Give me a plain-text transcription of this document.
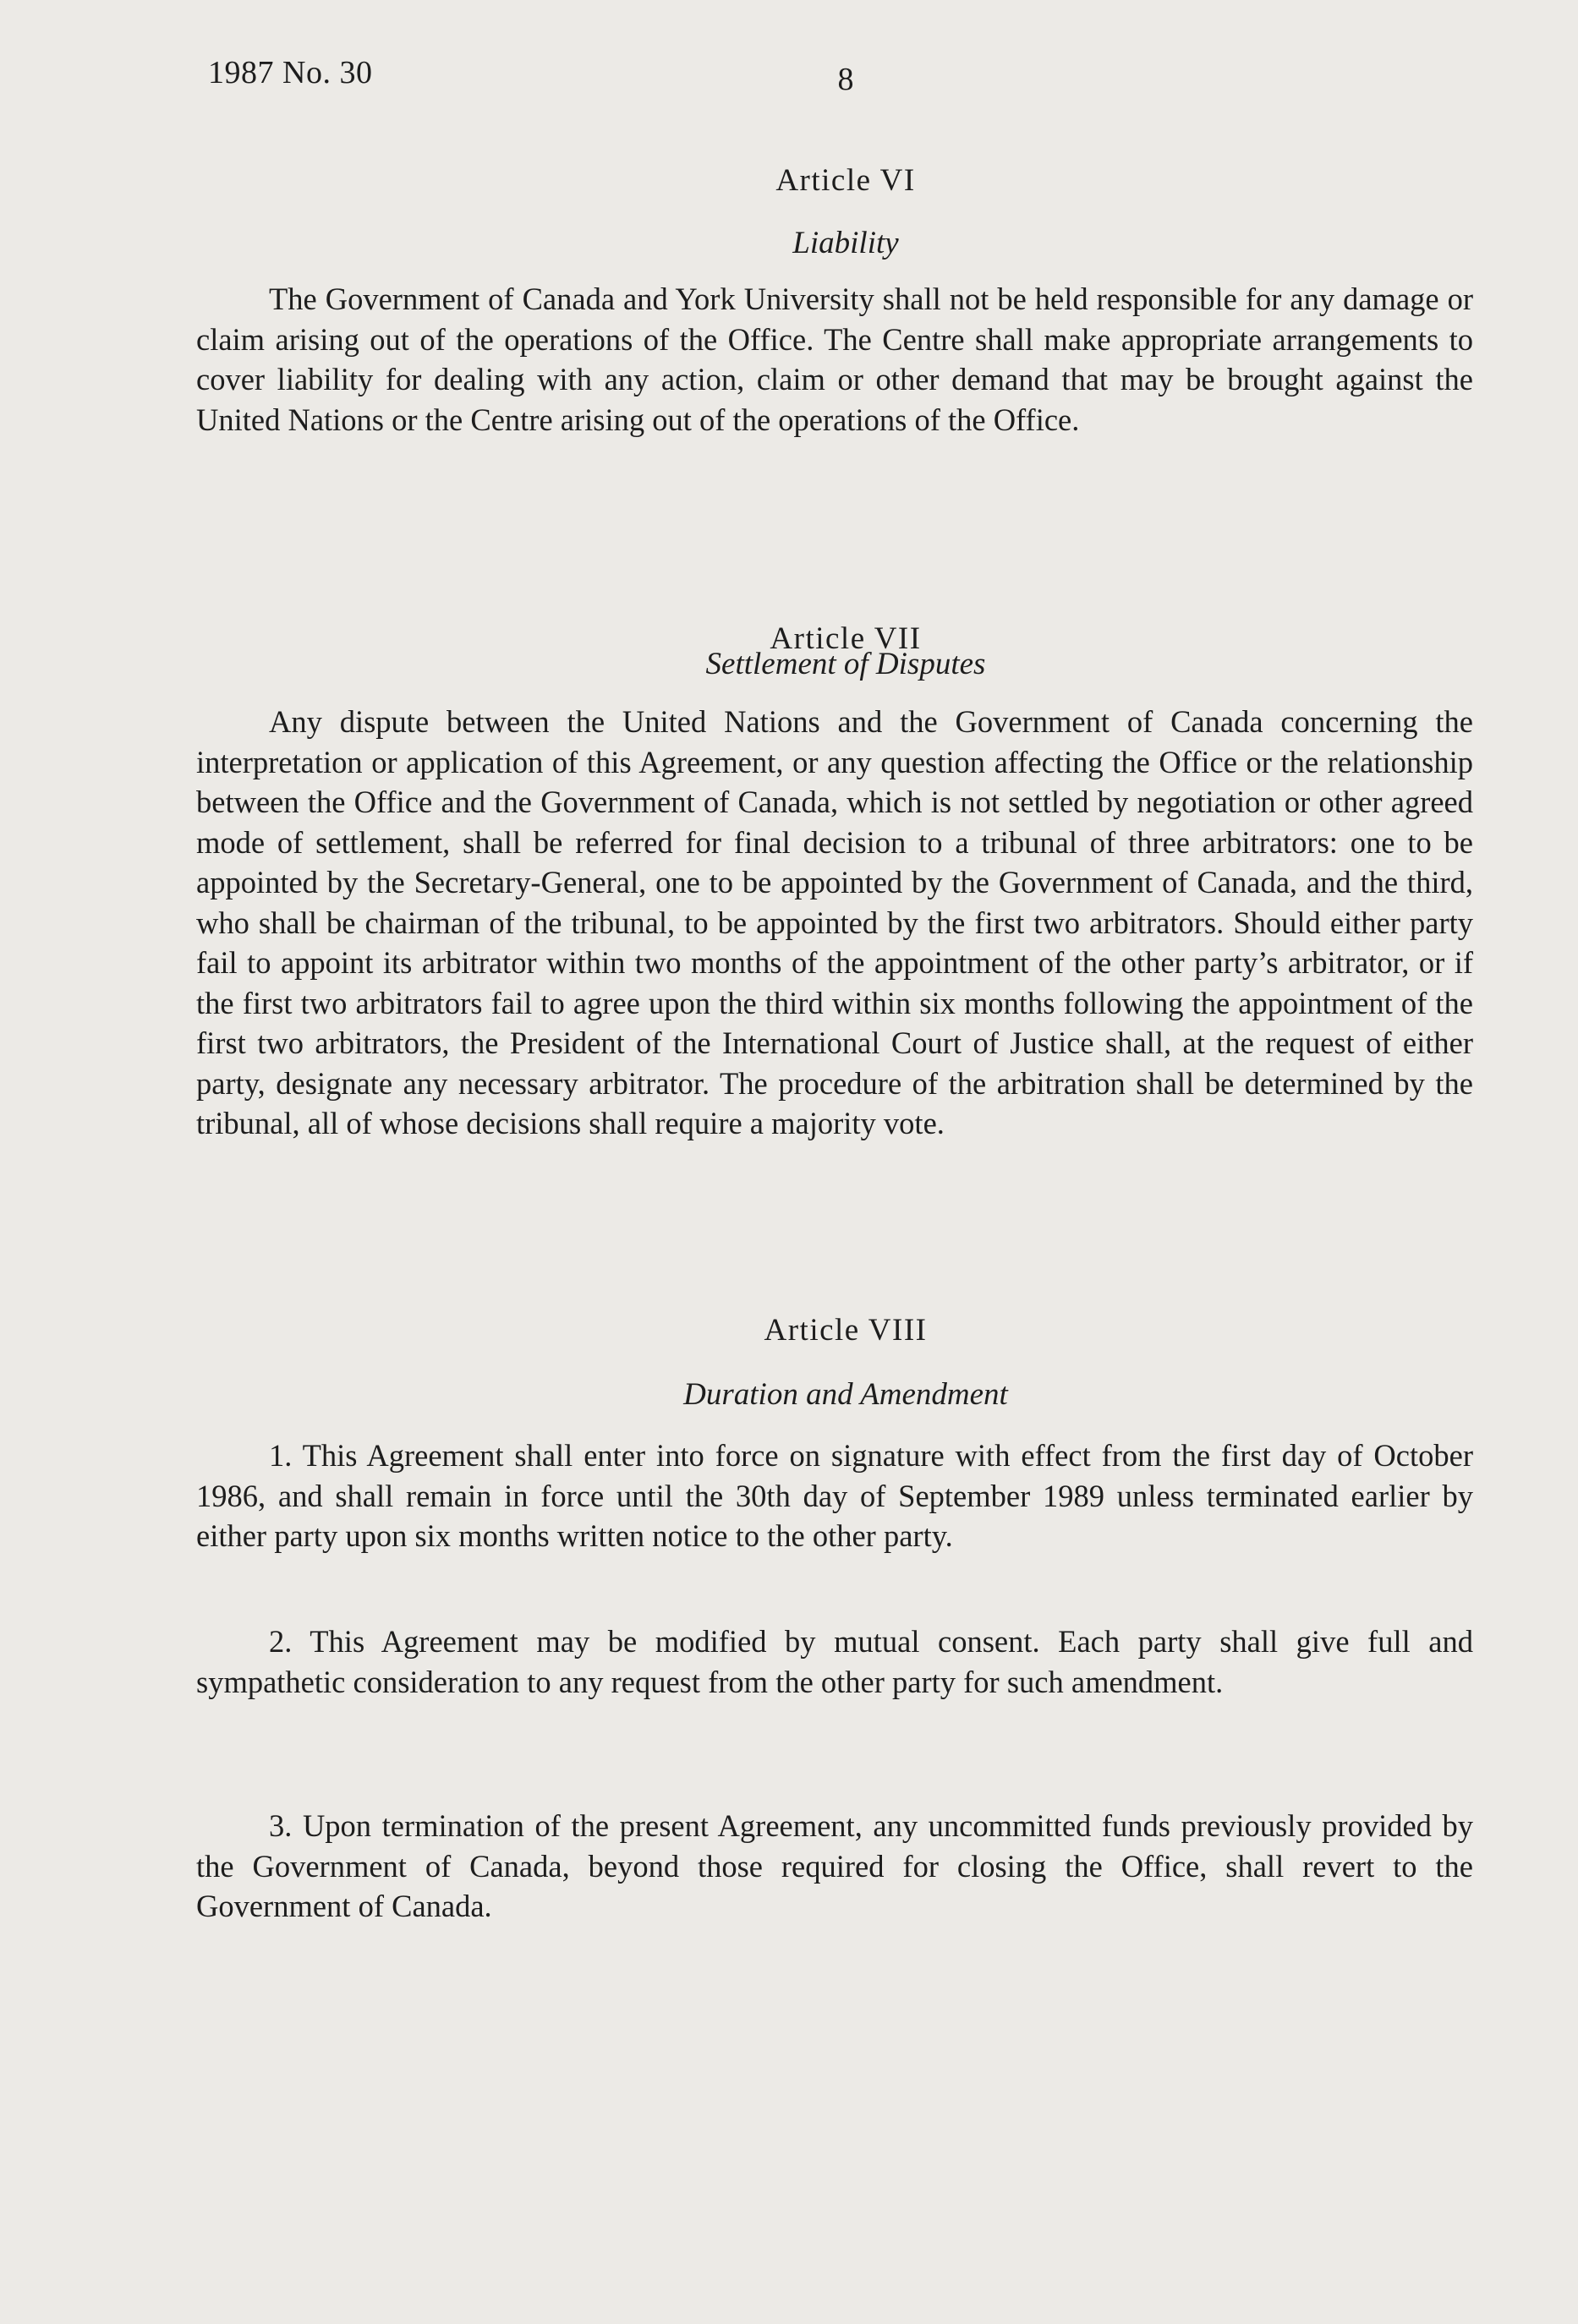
1987 No. 30	8
Article VI
Liability

The Government of Canada and York University shall not be held responsible for any damage or claim arising out of the operations of the Office. The Centre shall make appropriate arrangements to cover liability for dealing with any action, claim or other demand that may be brought against the United Nations or the Centre arising out of the operations of the Office.

Article VII
Settlement of Disputes

Any dispute between the United Nations and the Government of Canada concerning the interpretation or application of this Agreement, or any question affecting the Office or the relationship between the Office and the Government of Canada, which is not settled by negotiation or other agreed mode of settlement, shall be referred for final decision to a tribunal of three arbitrators: one to be appointed by the Secretary-General, one to be appointed by the Government of Canada, and the third, who shall be chairman of the tribunal, to be appointed by the first two arbitrators. Should either party fail to appoint its arbitrator within two months of the appointment of the other party’s arbitrator, or if the first two arbitrators fail to agree upon the third within six months following the appointment of the first two arbitrators, the President of the International Court of Justice shall, at the request of either party, designate any necessary arbitrator. The procedure of the arbitration shall be determined by the tribunal, all of whose decisions shall require a majority vote.

Article VIII
Duration and Amendment

1. This Agreement shall enter into force on signature with effect from the first day of October 1986, and shall remain in force until the 30th day of September 1989 unless terminated earlier by either party upon six months written notice to the other party.

2. This Agreement may be modified by mutual consent. Each party shall give full and sympathetic consideration to any request from the other party for such amendment.

3. Upon termination of the present Agreement, any uncommitted funds previously provided by the Government of Canada, beyond those required for closing the Office, shall revert to the Government of Canada.
